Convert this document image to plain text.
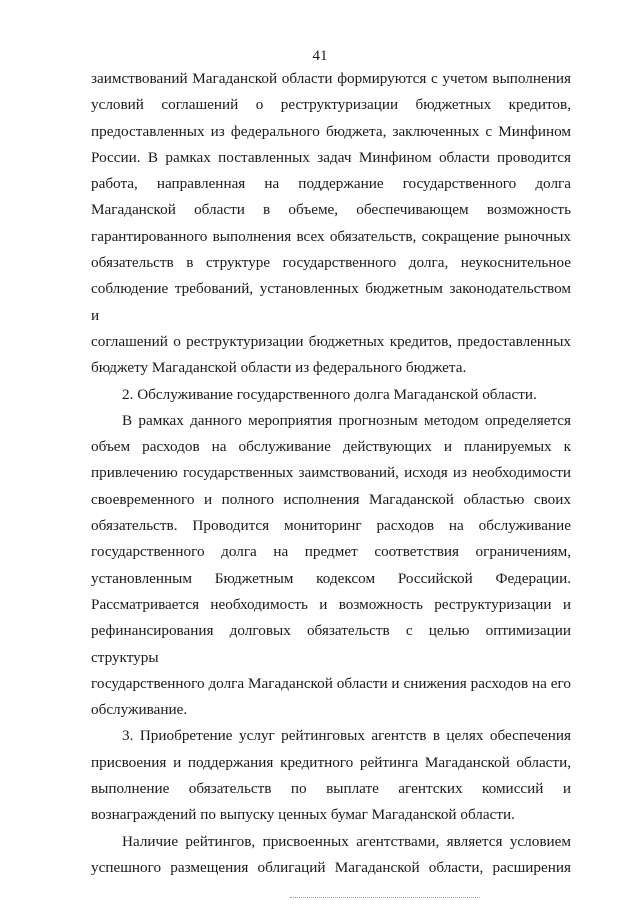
41

заимствований Магаданской области формируются с учетом выполнения
условий соглашений о реструктуризации бюджетных кредитов,
предоставленных из федерального бюджета, заключенных с Минфином
России. В рамках поставленных задач Минфином области проводится
работа, направленная на поддержание государственного долга
Магаданской области в объеме, обеспечивающем возможность
гарантированного выполнения всех обязательств, сокращение рыночных
обязательств в структуре государственного долга, неукоснительное
соблюдение требований, установленных бюджетным законодательством и
соглашений о реструктуризации бюджетных кредитов, предоставленных
бюджету Магаданской области из федерального бюджета.

2. Обслуживание государственного долга Магаданской области.

В рамках данного мероприятия прогнозным методом определяется
объем расходов на обслуживание действующих и планируемых к
привлечению государственных заимствований, исходя из необходимости
своевременного и полного исполнения Магаданской областью своих
обязательств. Проводится мониторинг расходов на обслуживание
государственного долга на предмет соответствия ограничениям,
установленным Бюджетным кодексом Российской Федерации.
Рассматривается необходимость и возможность реструктуризации и
рефинансирования долговых обязательств с целью оптимизации структуры
государственного долга Магаданской области и снижения расходов на его
обслуживание.

3. Приобретение услуг рейтинговых агентств в целях обеспечения
присвоения и поддержания кредитного рейтинга Магаданской области,
выполнение обязательств по выплате агентских комиссий и
вознаграждений по выпуску ценных бумаг Магаданской области.

Наличие рейтингов, присвоенных агентствами, является условием
успешного размещения облигаций Магаданской области, расширения
